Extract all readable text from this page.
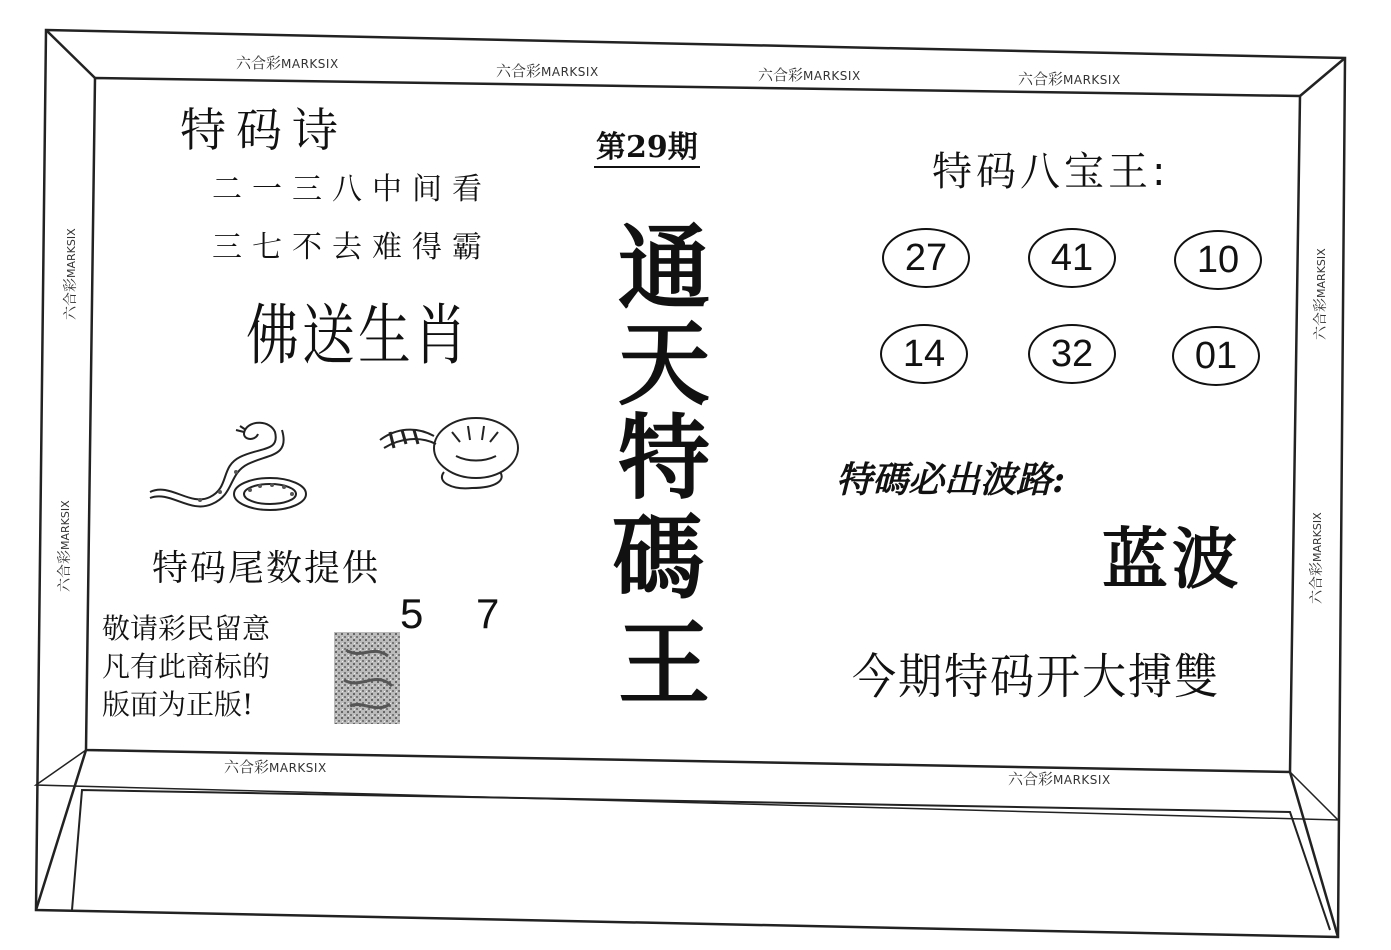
六合彩MARKSIX	六合彩MARKSIX	六合彩MARKSIX	六合彩MARKSIX
六合彩MARKSIX
六合彩MARKSIX
六合彩MARKSIX
六合彩MARKSIX
六合彩MARKSIX
六合彩MARKSIX
特码诗
二一三八中间看
三七不去难得霸
佛送生肖
特码尾数提供
5 7
敬请彩民留意
凡有此商标的
版面为正版!
第29期
通
天
特
碼
王
特码八宝王:
27	41	10
14	32	01
特碼必出波路:
蓝波
今期特码开大搏雙
